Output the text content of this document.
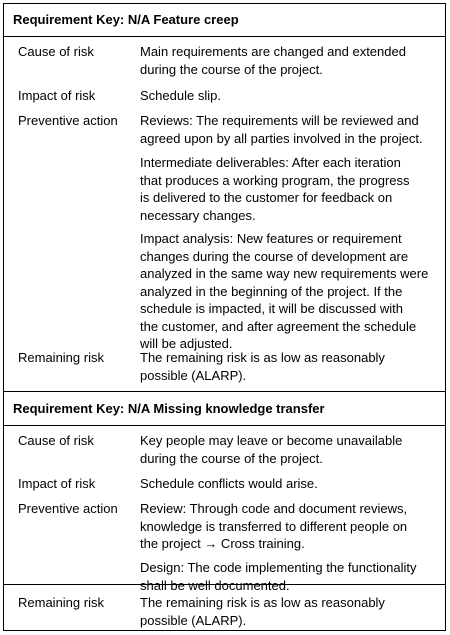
Requirement Key: N/A Feature creep
Cause of risk	Main requirements are changed and extended
during the course of the project.
Impact of risk	Schedule slip.
Preventive action Reviews: The requirements will be reviewed and
agreed upon by all parties involved in the project.
Intermediate deliverables: After each iteration
that produces a working program, the progress
is delivered to the customer for feedback on
necessary changes.
Impact analysis: New features or requirement
changes during the course of development are
analyzed in the same way new requirements were
analyzed in the beginning of the project. If the
schedule is impacted, it will be discussed with
the customer, and after agreement the schedule
will be adjusted.
Remaining risk	The remaining risk is as low as reasonably
possible (ALARP).
Requirement Key: N/A Missing knowledge transfer
Cause of risk	Key people may leave or become unavailable
during the course of the project.
Impact of risk	Schedule conflicts would arise.
Preventive action Review: Through code and document reviews,
knowledge is transferred to different people on
the project → Cross training.
Design: The code implementing the functionality
shall be well documented.
Remaining risk	The remaining risk is as low as reasonably
possible (ALARP).
